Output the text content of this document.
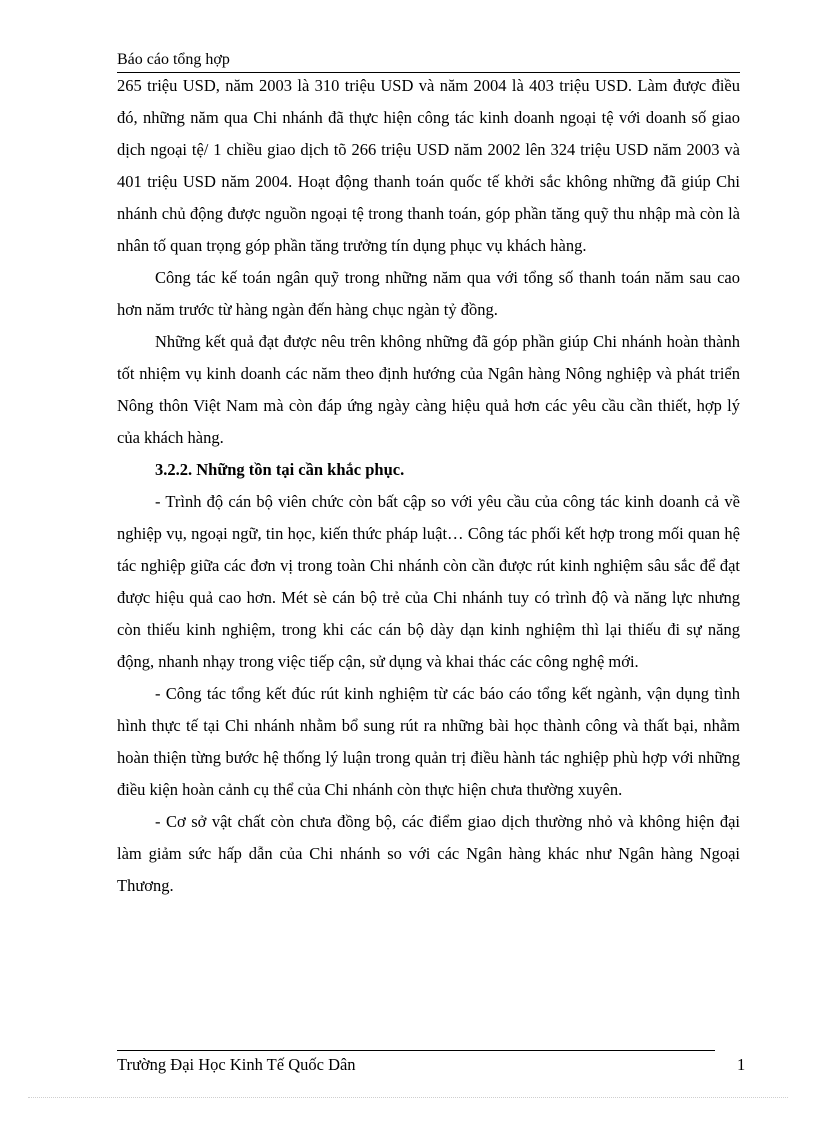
Báo cáo tổng hợp

265 triệu USD, năm 2003 là 310 triệu USD và năm 2004 là 403 triệu USD. Làm được điều đó, những năm qua Chi nhánh đã thực hiện công tác kinh doanh ngoại tệ với doanh số giao dịch ngoại tệ/ 1 chiều giao dịch tõ 266 triệu USD năm 2002 lên 324 triệu USD năm 2003 và 401 triệu USD năm 2004. Hoạt động thanh toán quốc tế khởi sắc không những đã giúp Chi nhánh chủ động được nguồn ngoại tệ trong thanh toán, góp phần tăng quỹ thu nhập mà còn là nhân tố quan trọng góp phần tăng trưởng tín dụng phục vụ khách hàng.

Công tác kế toán ngân quỹ trong những năm qua với tổng số thanh toán năm sau cao hơn năm trước từ hàng ngàn đến hàng chục ngàn tỷ đồng.

Những kết quả đạt được nêu trên không những đã góp phần giúp Chi nhánh hoàn thành tốt nhiệm vụ kinh doanh các năm theo định hướng của Ngân hàng Nông nghiệp và phát triển Nông thôn Việt Nam mà còn đáp ứng ngày càng hiệu quả hơn các yêu cầu cần thiết, hợp lý của khách hàng.

3.2.2. Những tồn tại cần khắc phục.

- Trình độ cán bộ viên chức còn bất cập so với yêu cầu của công tác kinh doanh cả về nghiệp vụ, ngoại ngữ, tin học, kiến thức pháp luật… Công tác phối kết hợp trong mối quan hệ tác nghiệp giữa các đơn vị trong toàn Chi nhánh còn cần được rút kinh nghiệm sâu sắc để đạt được hiệu quả cao hơn. Mét sè cán bộ trẻ của Chi nhánh tuy có trình độ và năng lực nhưng còn thiếu kinh nghiệm, trong khi các cán bộ dày dạn kinh nghiệm thì lại thiếu đi sự năng động, nhanh nhạy trong việc tiếp cận, sử dụng và khai thác các công nghệ mới.

- Công tác tổng kết đúc rút kinh nghiệm từ các báo cáo tổng kết ngành, vận dụng tình hình thực tế tại Chi nhánh nhằm bổ sung rút ra những bài học thành công và thất bại, nhằm hoàn thiện từng bước hệ thống lý luận trong quản trị điều hành tác nghiệp phù hợp với những điều kiện hoàn cảnh cụ thể của Chi nhánh còn thực hiện chưa thường xuyên.

- Cơ sở vật chất còn chưa đồng bộ, các điểm giao dịch thường nhỏ và không hiện đại làm giảm sức hấp dẫn của Chi nhánh so với các Ngân hàng khác như Ngân hàng Ngoại Thương.

Trường Đại Học Kinh Tế Quốc Dân	1
